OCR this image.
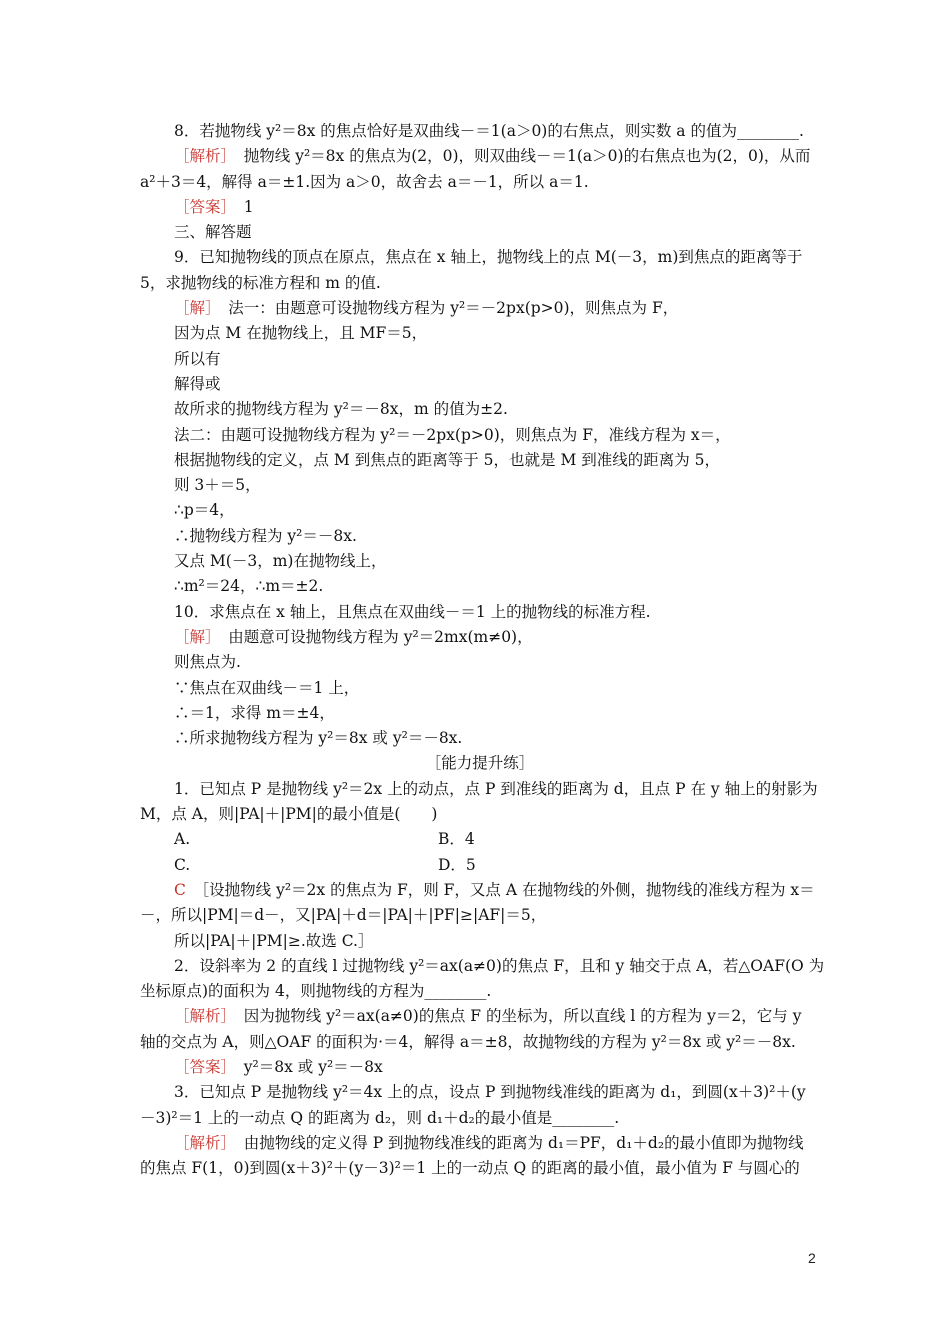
8．若抛物线 y²＝8x 的焦点恰好是双曲线－＝1(a＞0)的右焦点，则实数 a 的值为________.
［解析］　抛物线 y²＝8x 的焦点为(2，0)，则双曲线－＝1(a＞0)的右焦点也为(2，0)，从而
a²＋3＝4，解得 a＝±1.因为 a＞0，故舍去 a＝－1，所以 a＝1.
［答案］　1
三、解答题
9．已知抛物线的顶点在原点，焦点在 x 轴上，抛物线上的点 M(－3，m)到焦点的距离等于
5，求抛物线的标准方程和 m 的值.
［解］　法一：由题意可设抛物线方程为 y²＝－2px(p>0)，则焦点为 F，
因为点 M 在抛物线上，且 MF＝5，
所以有
解得或
故所求的抛物线方程为 y²＝－8x，m 的值为±2.
法二：由题可设抛物线方程为 y²＝－2px(p>0)，则焦点为 F，准线方程为 x＝，
根据抛物线的定义，点 M 到焦点的距离等于 5，也就是 M 到准线的距离为 5，
则 3＋＝5，
∴p＝4，
∴抛物线方程为 y²＝－8x.
又点 M(－3，m)在抛物线上，
∴m²＝24，∴m＝±2.
10．求焦点在 x 轴上，且焦点在双曲线－＝1 上的抛物线的标准方程.
［解］　由题意可设抛物线方程为 y²＝2mx(m≠0)，
则焦点为.
∵焦点在双曲线－＝1 上，
∴＝1，求得 m＝±4，
∴所求抛物线方程为 y²＝8x 或 y²＝－8x.
［能力提升练］
1．已知点 P 是抛物线 y²＝2x 上的动点，点 P 到准线的距离为 d，且点 P 在 y 轴上的射影为
M，点 A，则|PA|＋|PM|的最小值是(　　)
A.	B．4
C.	D．5
C　 ［设抛物线 y²＝2x 的焦点为 F，则 F，又点 A 在抛物线的外侧，抛物线的准线方程为 x＝
－，所以|PM|＝d－，又|PA|＋d＝|PA|＋|PF|≥|AF|＝5，
所以|PA|＋|PM|≥.故选 C.］
2．设斜率为 2 的直线 l 过抛物线 y²＝ax(a≠0)的焦点 F，且和 y 轴交于点 A，若△OAF(O 为
坐标原点)的面积为 4，则抛物线的方程为________.
［解析］　因为抛物线 y²＝ax(a≠0)的焦点 F 的坐标为，所以直线 l 的方程为 y＝2，它与 y
轴的交点为 A，则△OAF 的面积为·＝4，解得 a＝±8，故抛物线的方程为 y²＝8x 或 y²＝－8x.
［答案］　y²＝8x 或 y²＝－8x
3．已知点 P 是抛物线 y²＝4x 上的点，设点 P 到抛物线准线的距离为 d₁，到圆(x＋3)²＋(y
－3)²＝1 上的一动点 Q 的距离为 d₂，则 d₁＋d₂的最小值是________.
［解析］　由抛物线的定义得 P 到抛物线准线的距离为 d₁＝PF，d₁＋d₂的最小值即为抛物线
的焦点 F(1，0)到圆(x＋3)²＋(y－3)²＝1 上的一动点 Q 的距离的最小值，最小值为 F 与圆心的
2
